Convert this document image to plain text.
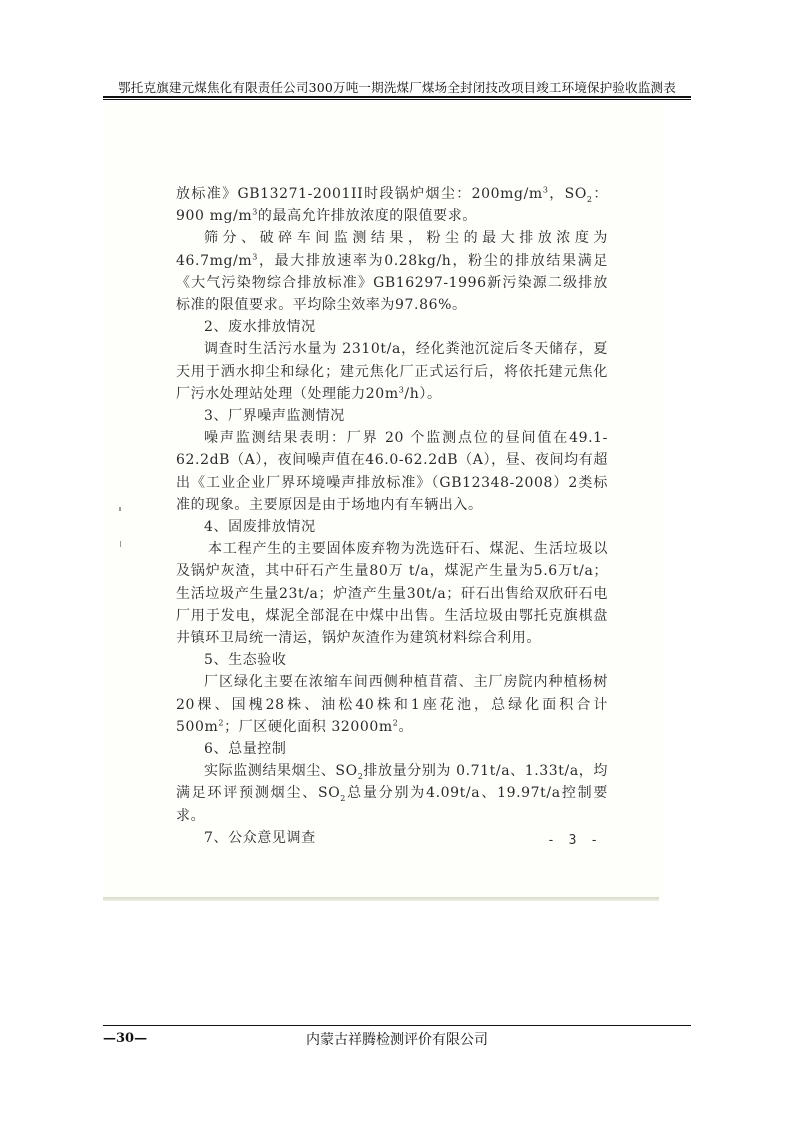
鄂托克旗建元煤焦化有限责任公司300万吨一期洗煤厂煤场全封闭技改项目竣工环境保护验收监测表

放标准》GB13271-2001II时段锅炉烟尘：$200mg/m^3$，$SO_2$：900 $mg/m^3$的最高允许排放浓度的限值要求。

筛分、破碎车间监测结果，粉尘的最大排放浓度为$46.7mg/m^3$，最大排放速率为0.28kg/h，粉尘的排放结果满足《大气污染物综合排放标准》GB16297-1996新污染源二级排放标准的限值要求。平均除尘效率为97.86%。

2、废水排放情况

调查时生活污水量为 2310t/a，经化粪池沉淀后冬天储存，夏天用于洒水抑尘和绿化；建元焦化厂正式运行后，将依托建元焦化厂污水处理站处理（处理能力$20m^3/h$）。

3、厂界噪声监测情况

噪声监测结果表明：厂界 20 个监测点位的昼间值在49.1-62.2dB（A），夜间噪声值在46.0-62.2dB（A），昼、夜间均有超出《工业企业厂界环境噪声排放标准》（GB12348-2008）2类标准的现象。主要原因是由于场地内有车辆出入。

4、固废排放情况

本工程产生的主要固体废弃物为洗选矸石、煤泥、生活垃圾以及锅炉灰渣，其中矸石产生量80万 t/a，煤泥产生量为5.6万t/a；生活垃圾产生量23t/a；炉渣产生量30t/a；矸石出售给双欣矸石电厂用于发电，煤泥全部混在中煤中出售。生活垃圾由鄂托克旗棋盘井镇环卫局统一清运，锅炉灰渣作为建筑材料综合利用。

5、生态验收

厂区绿化主要在浓缩车间西侧种植苜蓿、主厂房院内种植杨树20棵、国槐28株、油松40株和1座花池，总绿化面积合计$500m^2$；厂区硬化面积 $32000m^2$。

6、总量控制

实际监测结果烟尘、$SO_2$排放量分别为 0.71t/a、1.33t/a，均满足环评预测烟尘、$SO_2$总量分别为4.09t/a、19.97t/a控制要求。

7、公众意见调查	- 3 -
—30—	内蒙古祥腾检测评价有限公司
